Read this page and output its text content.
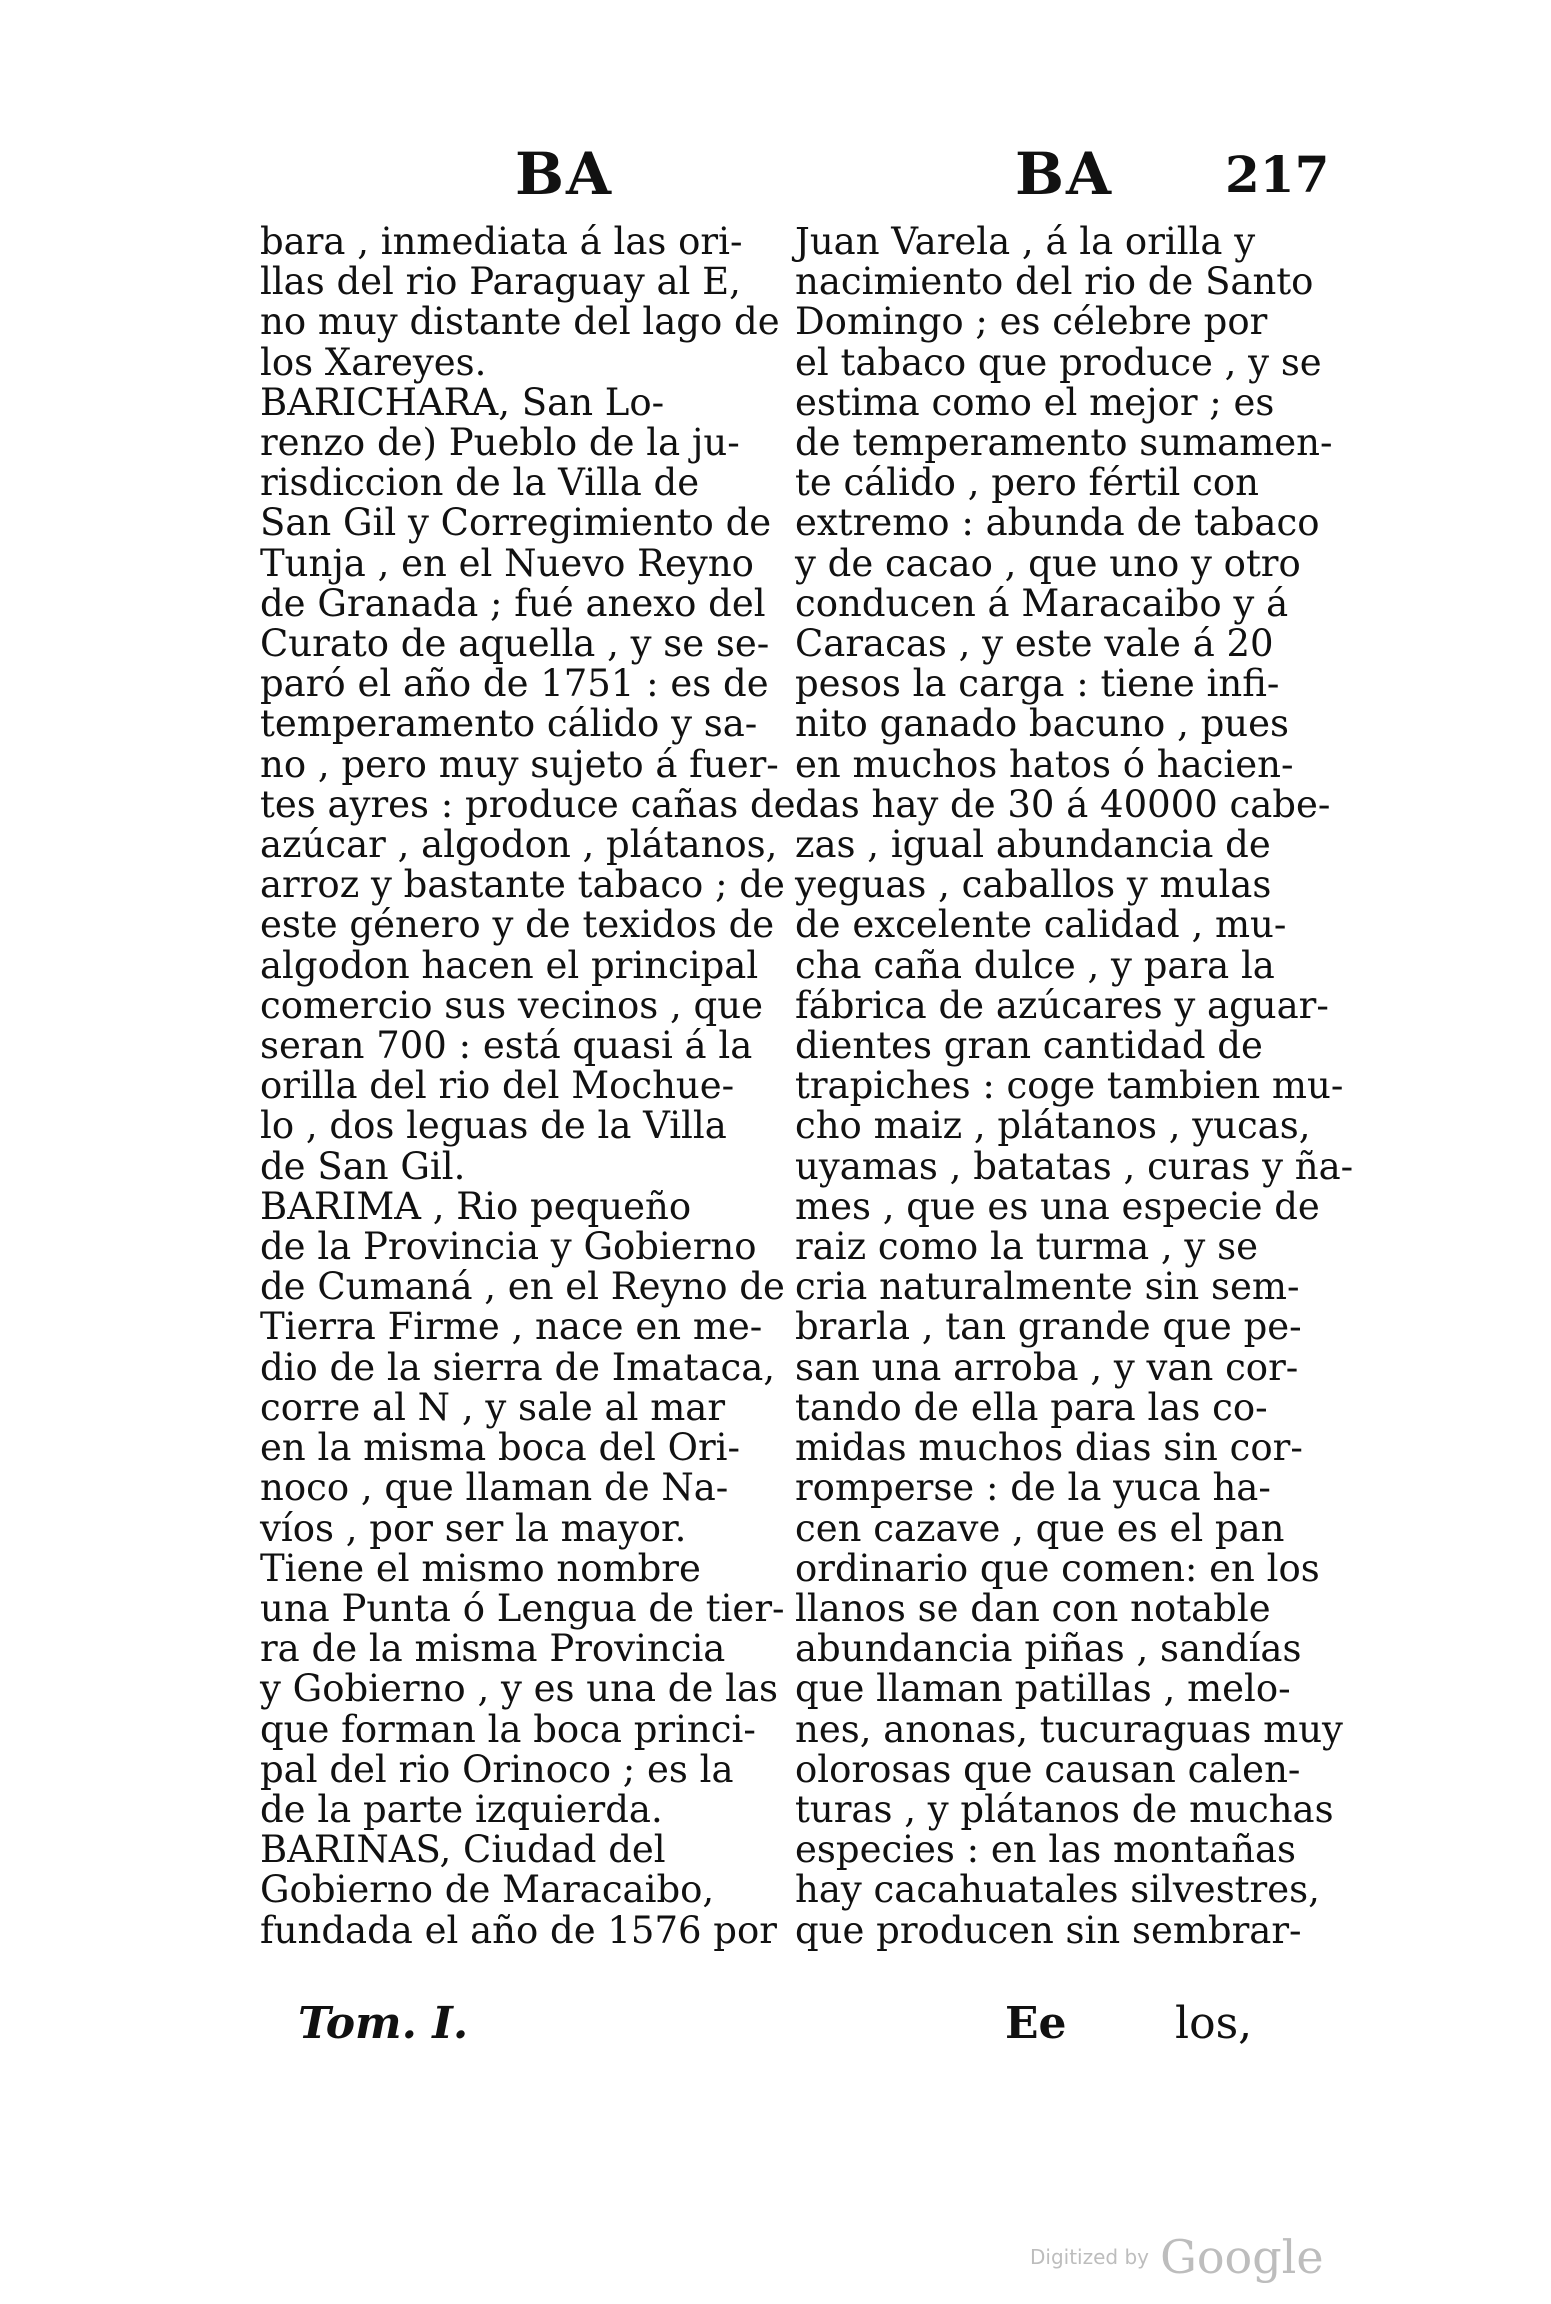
BA	BA 217
bara , inmediata á las ori-
llas del rio Paraguay al E,
no muy distante del lago de
los Xareyes.
BARICHARA, San Lo-
renzo de) Pueblo de la ju-
risdiccion de la Villa de
San Gil y Corregimiento de
Tunja , en el Nuevo Reyno
de Granada ; fué anexo del
Curato de aquella , y se se-
paró el año de 1751 : es de
temperamento cálido y sa-
no , pero muy sujeto á fuer-
tes ayres : produce cañas de
azúcar , algodon , plátanos,
arroz y bastante tabaco ; de
este género y de texidos de
algodon hacen el principal
comercio sus vecinos , que
seran 700 : está quasi á la
orilla del rio del Mochue-
lo , dos leguas de la Villa
de San Gil.
BARIMA , Rio pequeño
de la Provincia y Gobierno
de Cumaná , en el Reyno de
Tierra Firme , nace en me-
dio de la sierra de Imataca,
corre al N , y sale al mar
en la misma boca del Ori-
noco , que llaman de Na-
víos , por ser la mayor.
Tiene el mismo nombre
una Punta ó Lengua de tier-
ra de la misma Provincia
y Gobierno , y es una de las
que forman la boca princi-
pal del rio Orinoco ; es la
de la parte izquierda.
BARINAS, Ciudad del
Gobierno de Maracaibo,
fundada el año de 1576 por
Juan Varela , á la orilla y
nacimiento del rio de Santo
Domingo ; es célebre por
el tabaco que produce , y se
estima como el mejor ; es
de temperamento sumamen-
te cálido , pero fértil con
extremo : abunda de tabaco
y de cacao , que uno y otro
conducen á Maracaibo y á
Caracas , y este vale á 20
pesos la carga : tiene infi-
nito ganado bacuno , pues
en muchos hatos ó hacien-
das hay de 30 á 40000 cabe-
zas , igual abundancia de
yeguas , caballos y mulas
de excelente calidad , mu-
cha caña dulce , y para la
fábrica de azúcares y aguar-
dientes gran cantidad de
trapiches : coge tambien mu-
cho maiz , plátanos , yucas,
uyamas , batatas , curas y ña-
mes , que es una especie de
raiz como la turma , y se
cria naturalmente sin sem-
brarla , tan grande que pe-
san una arroba , y van cor-
tando de ella para las co-
midas muchos dias sin cor-
romperse : de la yuca ha-
cen cazave , que es el pan
ordinario que comen: en los
llanos se dan con notable
abundancia piñas , sandías
que llaman patillas , melo-
nes, anonas, tucuraguas muy
olorosas que causan calen-
turas , y plátanos de muchas
especies : en las montañas
hay cacahuatales silvestres,
que producen sin sembrar-
Tom. I.	Ee los,
Digitized by Google
